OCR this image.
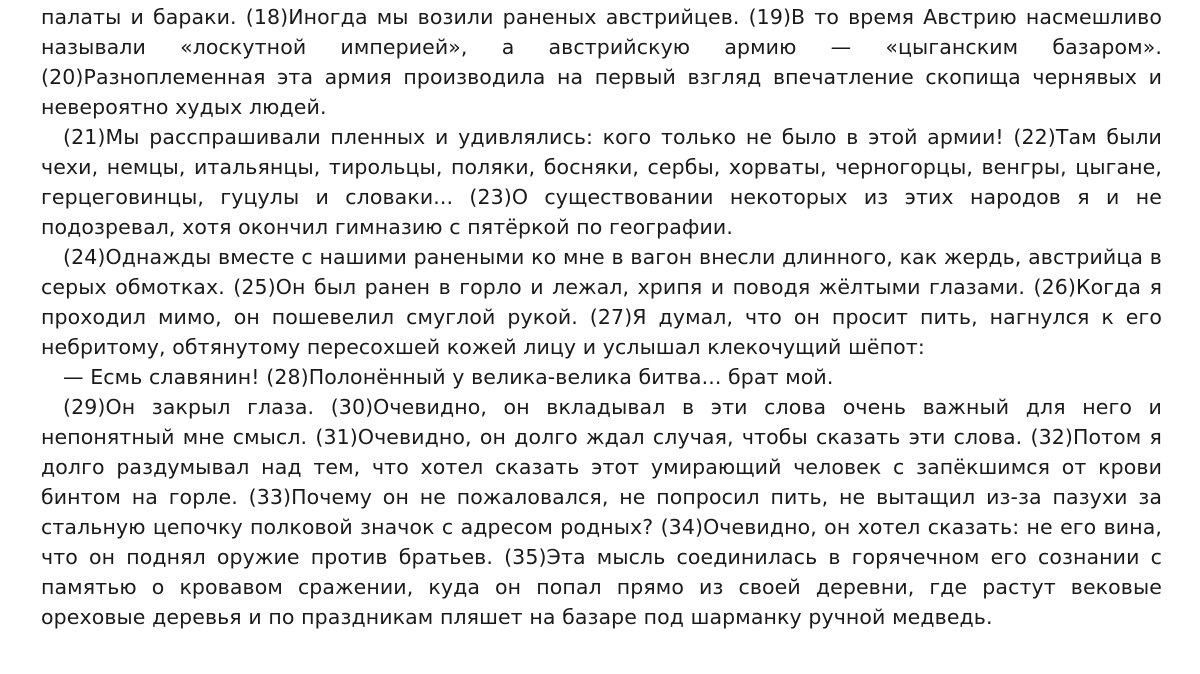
палаты и бараки. (18)Иногда мы возили раненых австрийцев. (19)В то время Австрию насмешливо называли «лоскутной империей», а австрийскую армию — «цыганским базаром». (20)Разноплеменная эта армия производила на первый взгляд впечатление скопища чернявых и невероятно худых людей.

(21)Мы расспрашивали пленных и удивлялись: кого только не было в этой армии! (22)Там были чехи, немцы, итальянцы, тирольцы, поляки, босняки, сербы, хорваты, черногорцы, венгры, цыгане, герцеговинцы, гуцулы и словаки... (23)О существовании некоторых из этих народов я и не подозревал, хотя окончил гимназию с пятёркой по географии.

(24)Однажды вместе с нашими ранеными ко мне в вагон внесли длинного, как жердь, австрийца в серых обмотках. (25)Он был ранен в горло и лежал, хрипя и поводя жёлтыми глазами. (26)Когда я проходил мимо, он пошевелил смуглой рукой. (27)Я думал, что он просит пить, нагнулся к его небритому, обтянутому пересохшей кожей лицу и услышал клекочущий шёпот:

— Есмь славянин! (28)Полонённый у велика-велика битва... брат мой.

(29)Он закрыл глаза. (30)Очевидно, он вкладывал в эти слова очень важный для него и непонятный мне смысл. (31)Очевидно, он долго ждал случая, чтобы сказать эти слова. (32)Потом я долго раздумывал над тем, что хотел сказать этот умирающий человек с запёкшимся от крови бинтом на горле. (33)Почему он не пожаловался, не попросил пить, не вытащил из-за пазухи за стальную цепочку полковой значок с адресом родных? (34)Очевидно, он хотел сказать: не его вина, что он поднял оружие против братьев. (35)Эта мысль соединилась в горячечном его сознании с памятью о кровавом сражении, куда он попал прямо из своей деревни, где растут вековые ореховые деревья и по праздникам пляшет на базаре под шарманку ручной медведь.
